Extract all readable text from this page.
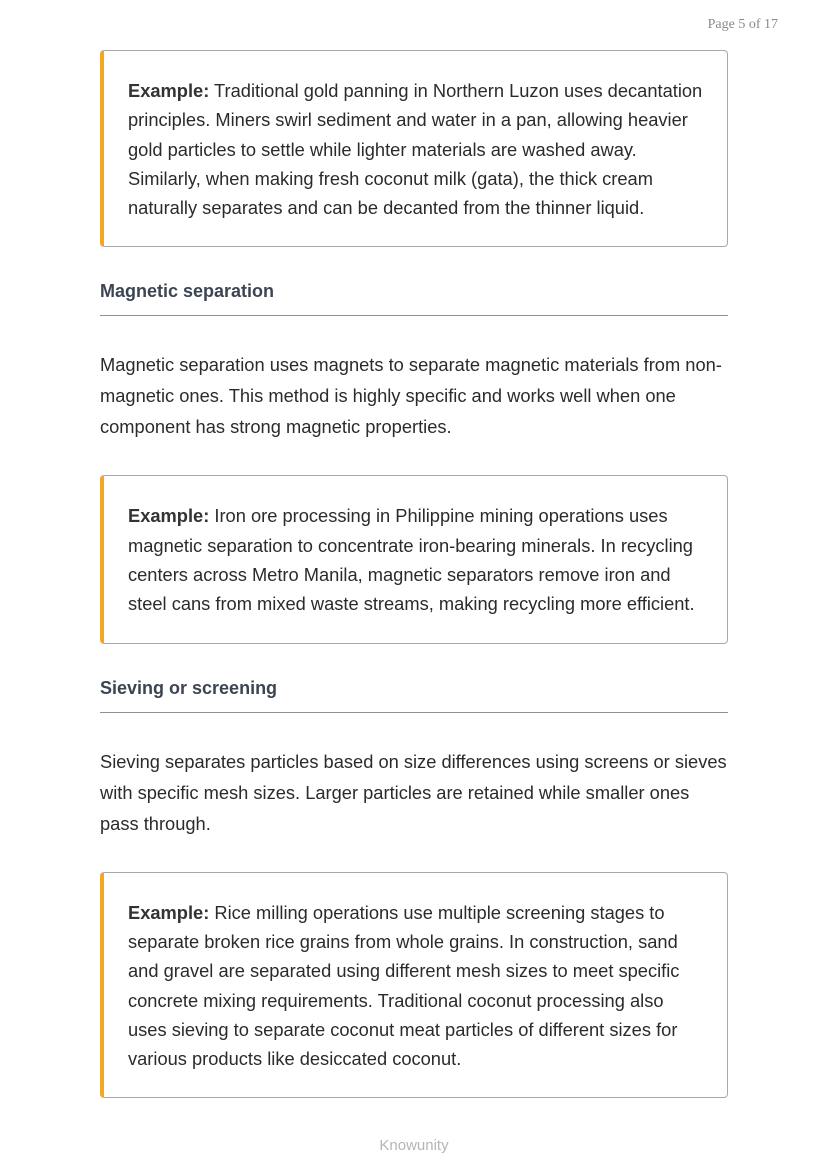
Page 5 of 17
Example: Traditional gold panning in Northern Luzon uses decantation principles. Miners swirl sediment and water in a pan, allowing heavier gold particles to settle while lighter materials are washed away. Similarly, when making fresh coconut milk (gata), the thick cream naturally separates and can be decanted from the thinner liquid.
Magnetic separation
Magnetic separation uses magnets to separate magnetic materials from non-magnetic ones. This method is highly specific and works well when one component has strong magnetic properties.
Example: Iron ore processing in Philippine mining operations uses magnetic separation to concentrate iron-bearing minerals. In recycling centers across Metro Manila, magnetic separators remove iron and steel cans from mixed waste streams, making recycling more efficient.
Sieving or screening
Sieving separates particles based on size differences using screens or sieves with specific mesh sizes. Larger particles are retained while smaller ones pass through.
Example: Rice milling operations use multiple screening stages to separate broken rice grains from whole grains. In construction, sand and gravel are separated using different mesh sizes to meet specific concrete mixing requirements. Traditional coconut processing also uses sieving to separate coconut meat particles of different sizes for various products like desiccated coconut.
Knowunity
